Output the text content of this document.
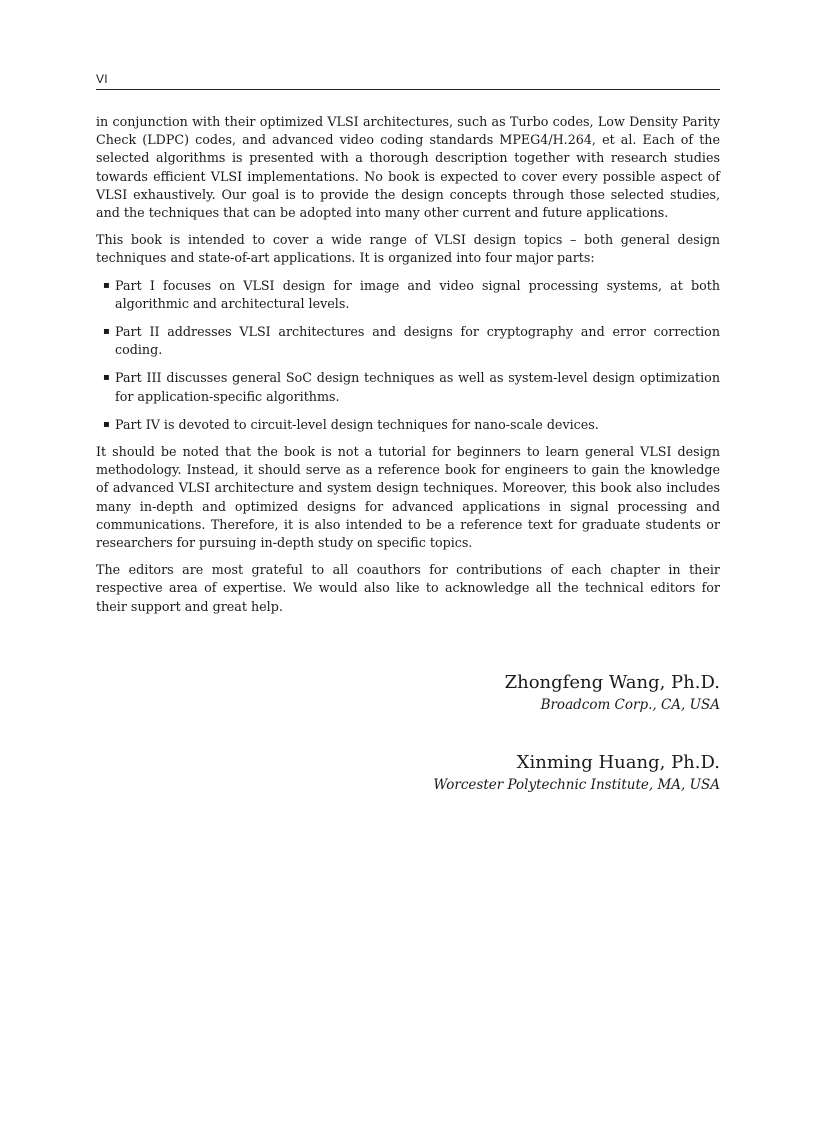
VI

in conjunction with their optimized VLSI architectures, such as Turbo codes, Low Density Parity Check (LDPC) codes, and advanced video coding standards MPEG4/H.264, et al. Each of the selected algorithms is presented with a thorough description together with research studies towards efficient VLSI implementations. No book is expected to cover every possible aspect of VLSI exhaustively. Our goal is to provide the design concepts through those selected studies, and the techniques that can be adopted into many other current and future applications.

This book is intended to cover a wide range of VLSI design topics – both general design techniques and state-of-art applications. It is organized into four major parts:

▪ Part I focuses on VLSI design for image and video signal processing systems, at both algorithmic and architectural levels.
▪ Part II addresses VLSI architectures and designs for cryptography and error correction coding.
▪ Part III discusses general SoC design techniques as well as system-level design optimization for application-specific algorithms.
▪ Part IV is devoted to circuit-level design techniques for nano-scale devices.

It should be noted that the book is not a tutorial for beginners to learn general VLSI design methodology. Instead, it should serve as a reference book for engineers to gain the knowledge of advanced VLSI architecture and system design techniques. Moreover, this book also includes many in-depth and optimized designs for advanced applications in signal processing and communications. Therefore, it is also intended to be a reference text for graduate students or researchers for pursuing in-depth study on specific topics.

The editors are most grateful to all coauthors for contributions of each chapter in their respective area of expertise. We would also like to acknowledge all the technical editors for their support and great help.

Zhongfeng Wang, Ph.D.
Broadcom Corp., CA, USA
Xinming Huang, Ph.D.
Worcester Polytechnic Institute, MA, USA
